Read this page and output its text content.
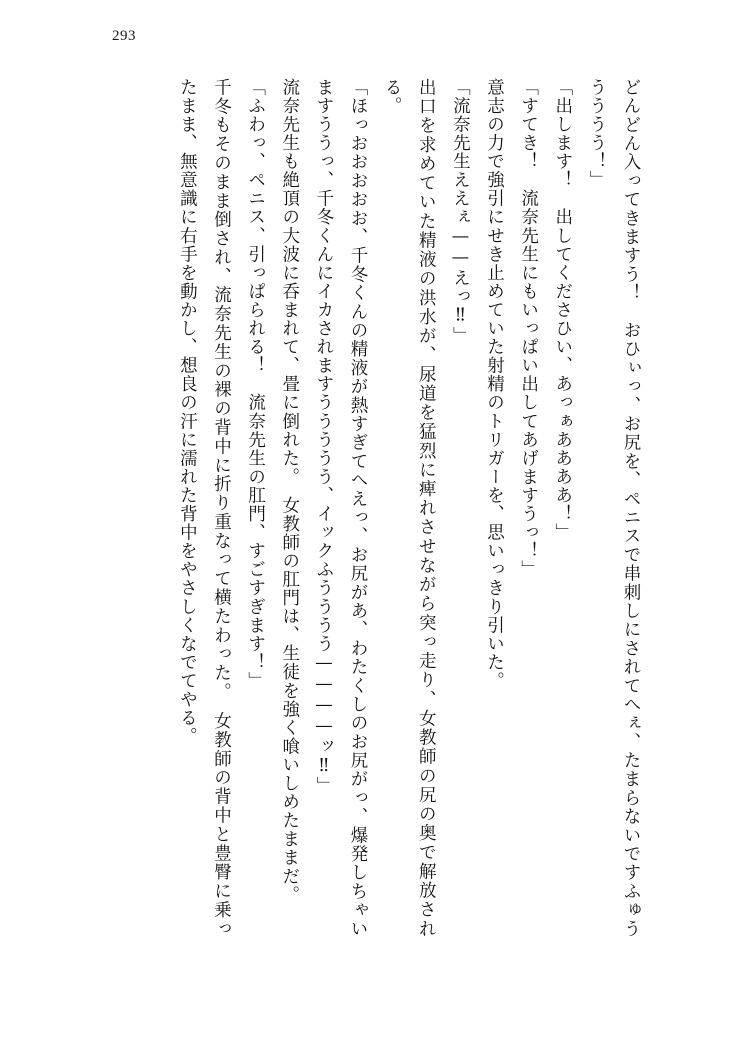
293

どんどん入ってきますう！　おひぃっ、お尻を、ペニスで串刺しにされてへぇ、たまらないですふゅううううう！」

「出します！　出してくださひい、あっぁああああ！」

「すてき！　流奈先生にもいっぱい出してあげますうっ！」

意志の力で強引にせき止めていた射精のトリガーを、思いっきり引いた。

「流奈先生ええぇ——えっ‼」

出口を求めていた精液の洪水が、尿道を猛烈に痺れさせながら突っ走り、女教師の尻の奥で解放される。

「ほっおおおおお、千冬くんの精液が熱すぎてへえっ、お尻があ、わたくしのお尻がっ、爆発しちゃいますううっ、千冬くんにイカされますううううう、イックふうううう————ッ‼」

流奈先生も絶頂の大波に呑まれて、畳に倒れた。　女教師の肛門は、生徒を強く喰いしめたままだ。

「ふわっ、ペニス、引っぱられる！　流奈先生の肛門、すごすぎます！」

千冬もそのまま倒され、流奈先生の裸の背中に折り重なって横たわった。　女教師の背中と豊臀に乗ったまま、無意識に右手を動かし、想良の汗に濡れた背中をやさしくなでてやる。
